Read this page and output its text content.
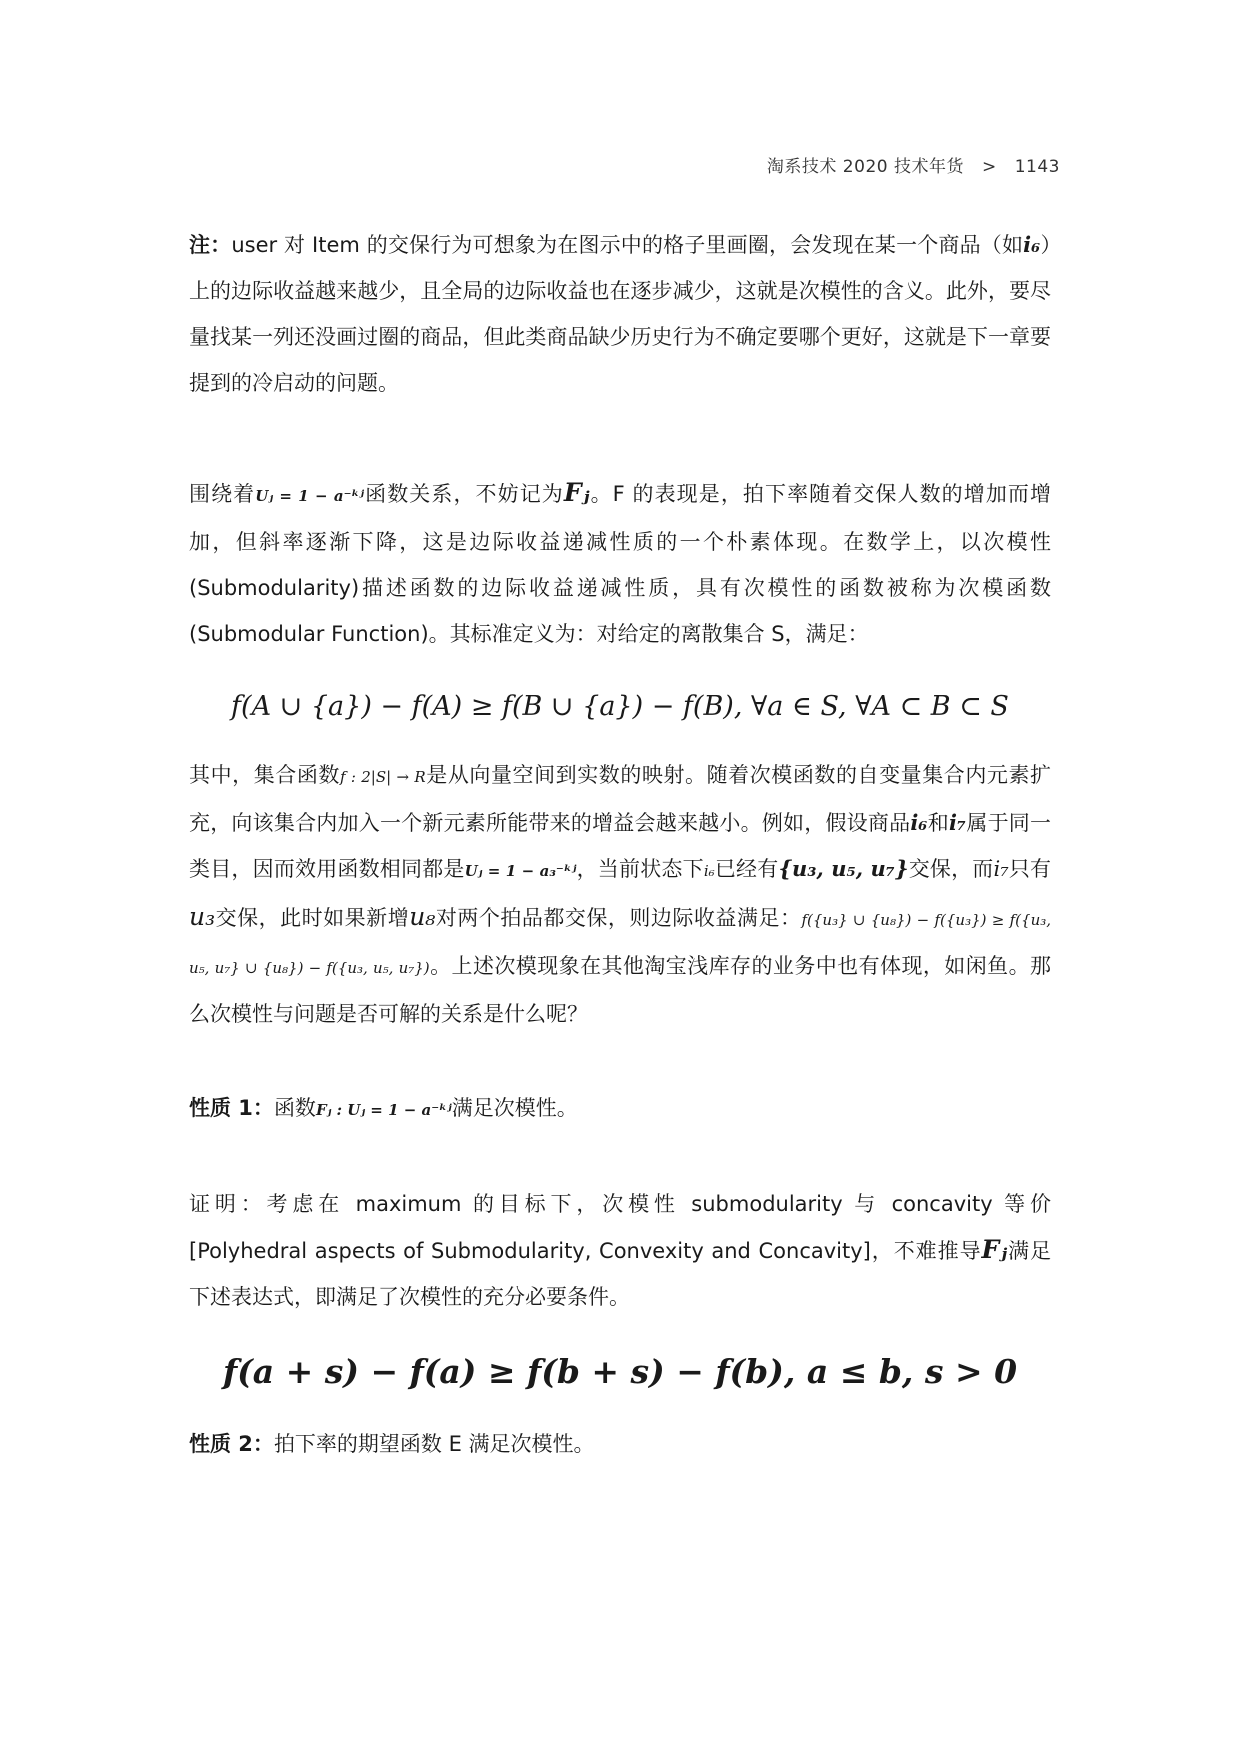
淘系技术 2020 技术年货 > 1143

注：user 对 Item 的交保行为可想象为在图示中的格子里画圈，会发现在某一个商品（如i₆）上的边际收益越来越少，且全局的边际收益也在逐步减少，这就是次模性的含义。此外，要尽量找某一列还没画过圈的商品，但此类商品缺少历史行为不确定要哪个更好，这就是下一章要提到的冷启动的问题。

围绕着Uⱼ = 1 − a⁻ᵏʲ函数关系，不妨记为Fⱼ。F 的表现是，拍下率随着交保人数的增加而增加，但斜率逐渐下降，这是边际收益递减性质的一个朴素体现。在数学上，以次模性(Submodularity)描述函数的边际收益递减性质，具有次模性的函数被称为次模函数(Submodular Function)。其标准定义为：对给定的离散集合 S，满足：

f(A ∪ {a}) − f(A) ≥ f(B ∪ {a}) − f(B), ∀a ∈ S, ∀A ⊂ B ⊂ S

其中，集合函数f : 2|S| → R是从向量空间到实数的映射。随着次模函数的自变量集合内元素扩充，向该集合内加入一个新元素所能带来的增益会越来越小。例如，假设商品i₆和i₇属于同一类目，因而效用函数相同都是Uⱼ = 1 − a₃⁻ᵏʲ，当前状态下i₆已经有{u₃, u₅, u₇}交保，而i₇只有u₃交保，此时如果新增u₈对两个拍品都交保，则边际收益满足：f({u₃} ∪ {u₈}) − f({u₃}) ≥ f({u₃, u₅, u₇} ∪ {u₈}) − f({u₃, u₅, u₇})。上述次模现象在其他淘宝浅库存的业务中也有体现，如闲鱼。那么次模性与问题是否可解的关系是什么呢？

性质 1：函数Fⱼ : Uⱼ = 1 − a⁻ᵏʲ满足次模性。

证明：考虑在 maximum 的目标下，次模性 submodularity 与 concavity 等价[Polyhedral aspects of Submodularity, Convexity and Concavity]，不难推导Fⱼ满足下述表达式，即满足了次模性的充分必要条件。

f(a + s) − f(a) ≥ f(b + s) − f(b), a ≤ b, s > 0

性质 2：拍下率的期望函数 E 满足次模性。
